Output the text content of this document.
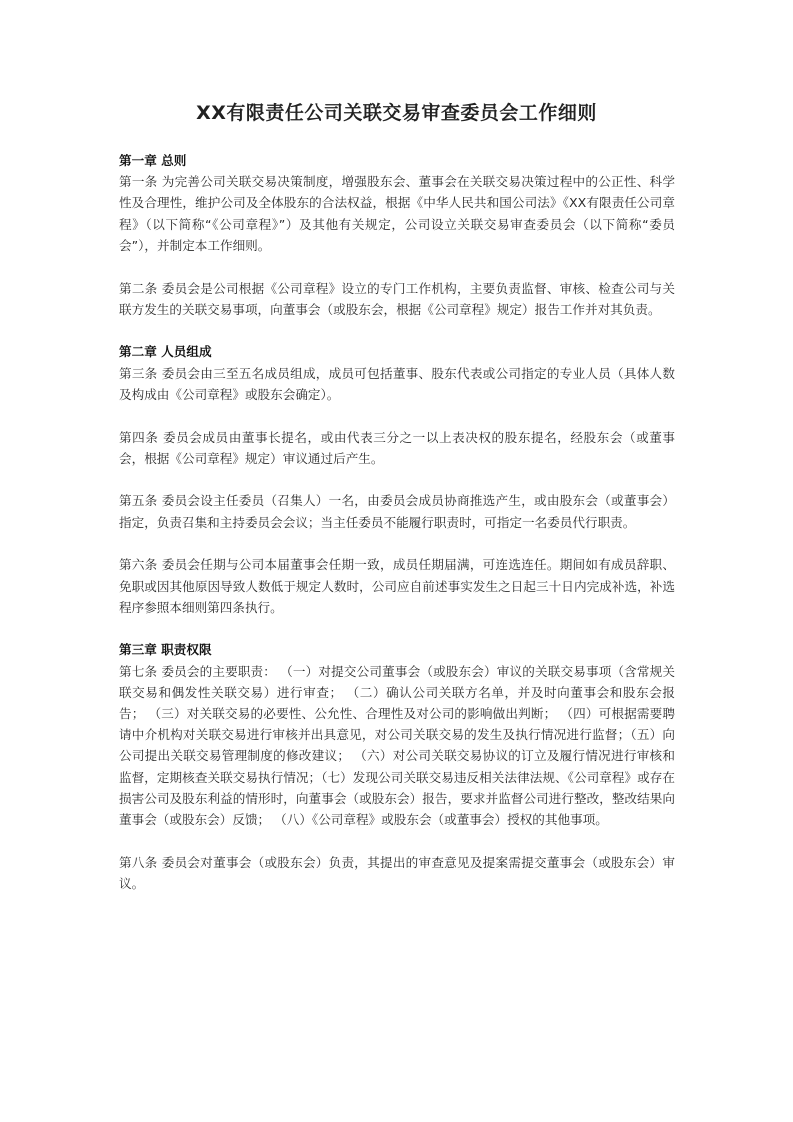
XX有限责任公司关联交易审查委员会工作细则

第一章 总则

第一条 为完善公司关联交易决策制度，增强股东会、董事会在关联交易决策过程中的公正性、科学性及合理性，维护公司及全体股东的合法权益，根据《中华人民共和国公司法》《XX有限责任公司章程》（以下简称“《公司章程》”）及其他有关规定，公司设立关联交易审查委员会（以下简称“委员会”），并制定本工作细则。

第二条 委员会是公司根据《公司章程》设立的专门工作机构，主要负责监督、审核、检查公司与关联方发生的关联交易事项，向董事会（或股东会，根据《公司章程》规定）报告工作并对其负责。

第二章 人员组成

第三条 委员会由三至五名成员组成，成员可包括董事、股东代表或公司指定的专业人员（具体人数及构成由《公司章程》或股东会确定）。

第四条 委员会成员由董事长提名，或由代表三分之一以上表决权的股东提名，经股东会（或董事会，根据《公司章程》规定）审议通过后产生。

第五条 委员会设主任委员（召集人）一名，由委员会成员协商推选产生，或由股东会（或董事会）指定，负责召集和主持委员会会议；当主任委员不能履行职责时，可指定一名委员代行职责。

第六条 委员会任期与公司本届董事会任期一致，成员任期届满，可连选连任。期间如有成员辞职、免职或因其他原因导致人数低于规定人数时，公司应自前述事实发生之日起三十日内完成补选，补选程序参照本细则第四条执行。

第三章 职责权限

第七条 委员会的主要职责： （一）对提交公司董事会（或股东会）审议的关联交易事项（含常规关联交易和偶发性关联交易）进行审查； （二）确认公司关联方名单，并及时向董事会和股东会报告； （三）对关联交易的必要性、公允性、合理性及对公司的影响做出判断； （四）可根据需要聘请中介机构对关联交易进行审核并出具意见，对公司关联交易的发生及执行情况进行监督；（五）向公司提出关联交易管理制度的修改建议； （六）对公司关联交易协议的订立及履行情况进行审核和监督，定期核查关联交易执行情况；（七）发现公司关联交易违反相关法律法规、《公司章程》或存在损害公司及股东利益的情形时，向董事会（或股东会）报告，要求并监督公司进行整改，整改结果向董事会（或股东会）反馈； （八）《公司章程》或股东会（或董事会）授权的其他事项。

第八条 委员会对董事会（或股东会）负责，其提出的审查意见及提案需提交董事会（或股东会）审议。
